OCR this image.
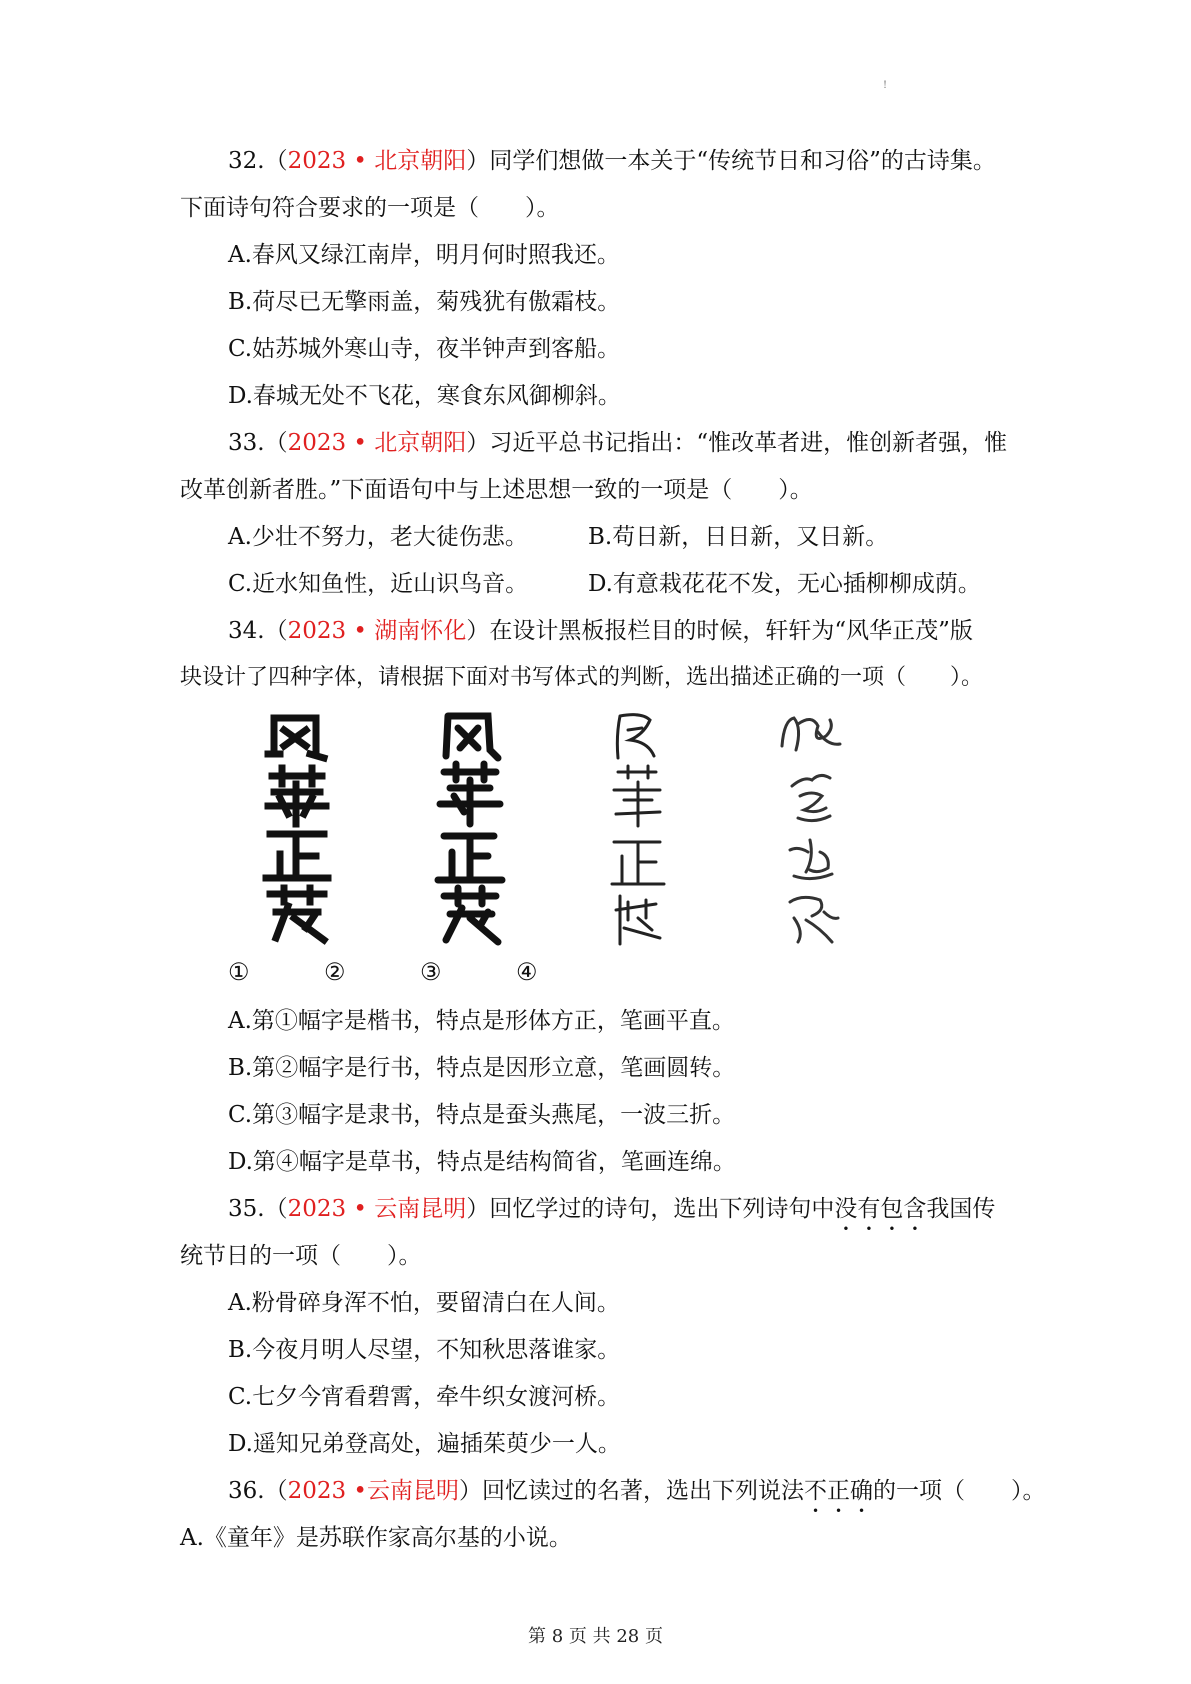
!
32.（2023 • 北京朝阳）同学们想做一本关于“传统节日和习俗”的古诗集。
下面诗句符合要求的一项是（　　）。
A.春风又绿江南岸，明月何时照我还。
B.荷尽已无擎雨盖，菊残犹有傲霜枝。
C.姑苏城外寒山寺，夜半钟声到客船。
D.春城无处不飞花，寒食东风御柳斜。
33.（2023 • 北京朝阳）习近平总书记指出：“惟改革者进，惟创新者强，惟
改革创新者胜。”下面语句中与上述思想一致的一项是（　　）。
A.少壮不努力，老大徒伤悲。	B.苟日新，日日新，又日新。
C.近水知鱼性，近山识鸟音。	D.有意栽花花不发，无心插柳柳成荫。
34.（2023 • 湖南怀化）在设计黑板报栏目的时候，轩轩为“风华正茂”版
块设计了四种字体，请根据下面对书写体式的判断，选出描述正确的一项（　　）。
①	②	③	④
A.第①幅字是楷书，特点是形体方正，笔画平直。
B.第②幅字是行书，特点是因形立意，笔画圆转。
C.第③幅字是隶书，特点是蚕头燕尾，一波三折。
D.第④幅字是草书，特点是结构简省，笔画连绵。
35.（2023 • 云南昆明）回忆学过的诗句，选出下列诗句中没有包含我国传
统节日的一项（　　）。
A.粉骨碎身浑不怕，要留清白在人间。
B.今夜月明人尽望，不知秋思落谁家。
C.七夕今宵看碧霄，牵牛织女渡河桥。
D.遥知兄弟登高处，遍插茱萸少一人。
36.（2023 •云南昆明）回忆读过的名著，选出下列说法不正确的一项（　　）。
A.《童年》是苏联作家高尔基的小说。
第 8 页 共 28 页
